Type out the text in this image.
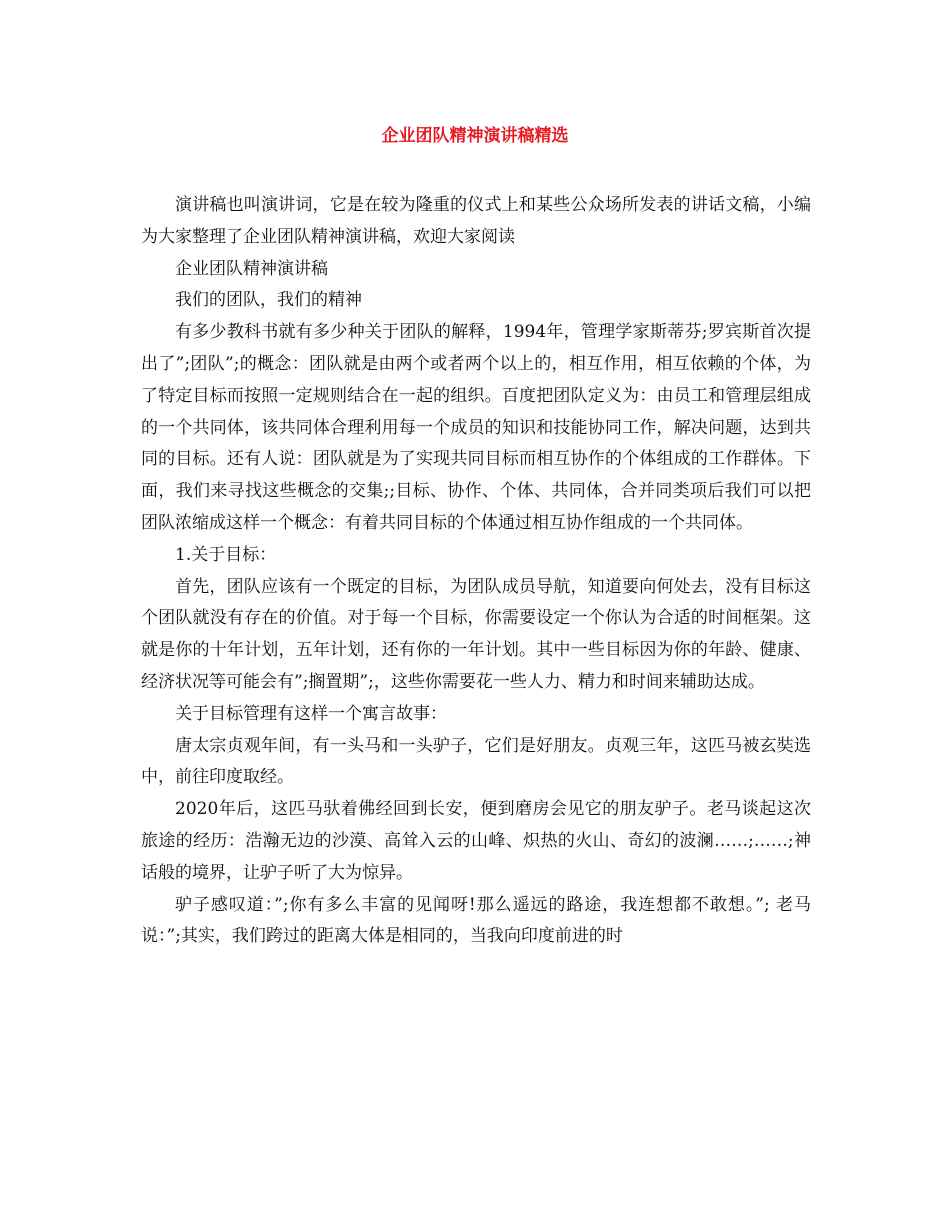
企业团队精神演讲稿精选

演讲稿也叫演讲词，它是在较为隆重的仪式上和某些公众场所发表的讲话文稿，小编为大家整理了企业团队精神演讲稿，欢迎大家阅读

企业团队精神演讲稿

我们的团队，我们的精神

有多少教科书就有多少种关于团队的解释，1994年，管理学家斯蒂芬;罗宾斯首次提出了”;团队”;的概念：团队就是由两个或者两个以上的，相互作用，相互依赖的个体，为了特定目标而按照一定规则结合在一起的组织。百度把团队定义为：由员工和管理层组成的一个共同体，该共同体合理利用每一个成员的知识和技能协同工作，解决问题，达到共同的目标。还有人说：团队就是为了实现共同目标而相互协作的个体组成的工作群体。下面，我们来寻找这些概念的交集;;目标、协作、个体、共同体，合并同类项后我们可以把团队浓缩成这样一个概念：有着共同目标的个体通过相互协作组成的一个共同体。

1.关于目标：

首先，团队应该有一个既定的目标，为团队成员导航，知道要向何处去，没有目标这个团队就没有存在的价值。对于每一个目标，你需要设定一个你认为合适的时间框架。这就是你的十年计划，五年计划，还有你的一年计划。其中一些目标因为你的年龄、健康、经济状况等可能会有”;搁置期”;，这些你需要花一些人力、精力和时间来辅助达成。

关于目标管理有这样一个寓言故事：

唐太宗贞观年间，有一头马和一头驴子，它们是好朋友。贞观三年，这匹马被玄奘选中，前往印度取经。

2020年后，这匹马驮着佛经回到长安，便到磨房会见它的朋友驴子。老马谈起这次旅途的经历：浩瀚无边的沙漠、高耸入云的山峰、炽热的火山、奇幻的波澜……;……;神话般的境界，让驴子听了大为惊异。

驴子感叹道：”;你有多么丰富的见闻呀!那么遥远的路途，我连想都不敢想。”; 老马说：”;其实，我们跨过的距离大体是相同的，当我向印度前进的时
